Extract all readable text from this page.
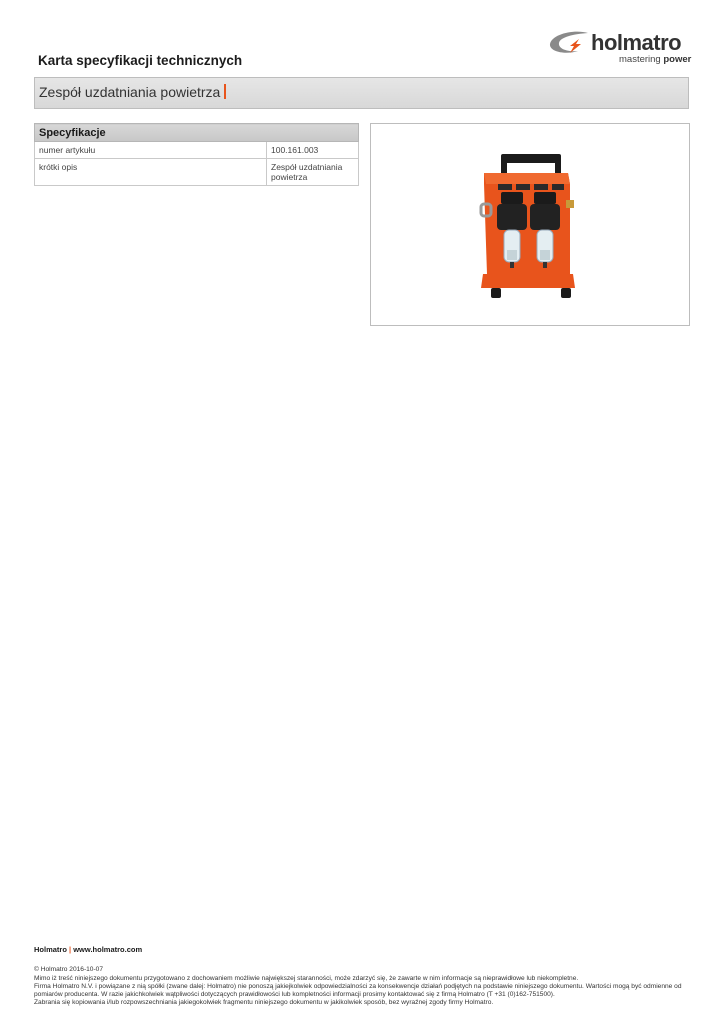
Karta specyfikacji technicznych
holmatro
mastering power
Zespół uzdatniania powietrza
Specyfikacje	
numer artykułu	100.161.003
krótki opis	Zespół uzdatniania powietrza
Holmatro | www.holmatro.com

© Holmatro 2016-10-07

Mimo iż treść niniejszego dokumentu przygotowano z dochowaniem możliwie największej staranności, może zdarzyć się, że zawarte w nim informacje są nieprawidłowe lub niekompletne.

Firma Holmatro N.V. i powiązane z nią spółki (zwane dalej: Holmatro) nie ponoszą jakiejkolwiek odpowiedzialności za konsekwencje działań podjętych na podstawie niniejszego dokumentu. Wartości mogą być odmienne od pomiarów producenta. W razie jakichkolwiek wątpliwości dotyczących prawidłowości lub kompletności informacji prosimy kontaktować się z firmą Holmatro (T +31 (0)162-751500).

Zabrania się kopiowania i/lub rozpowszechniania jakiegokolwiek fragmentu niniejszego dokumentu w jakikolwiek sposób, bez wyraźnej zgody firmy Holmatro.
